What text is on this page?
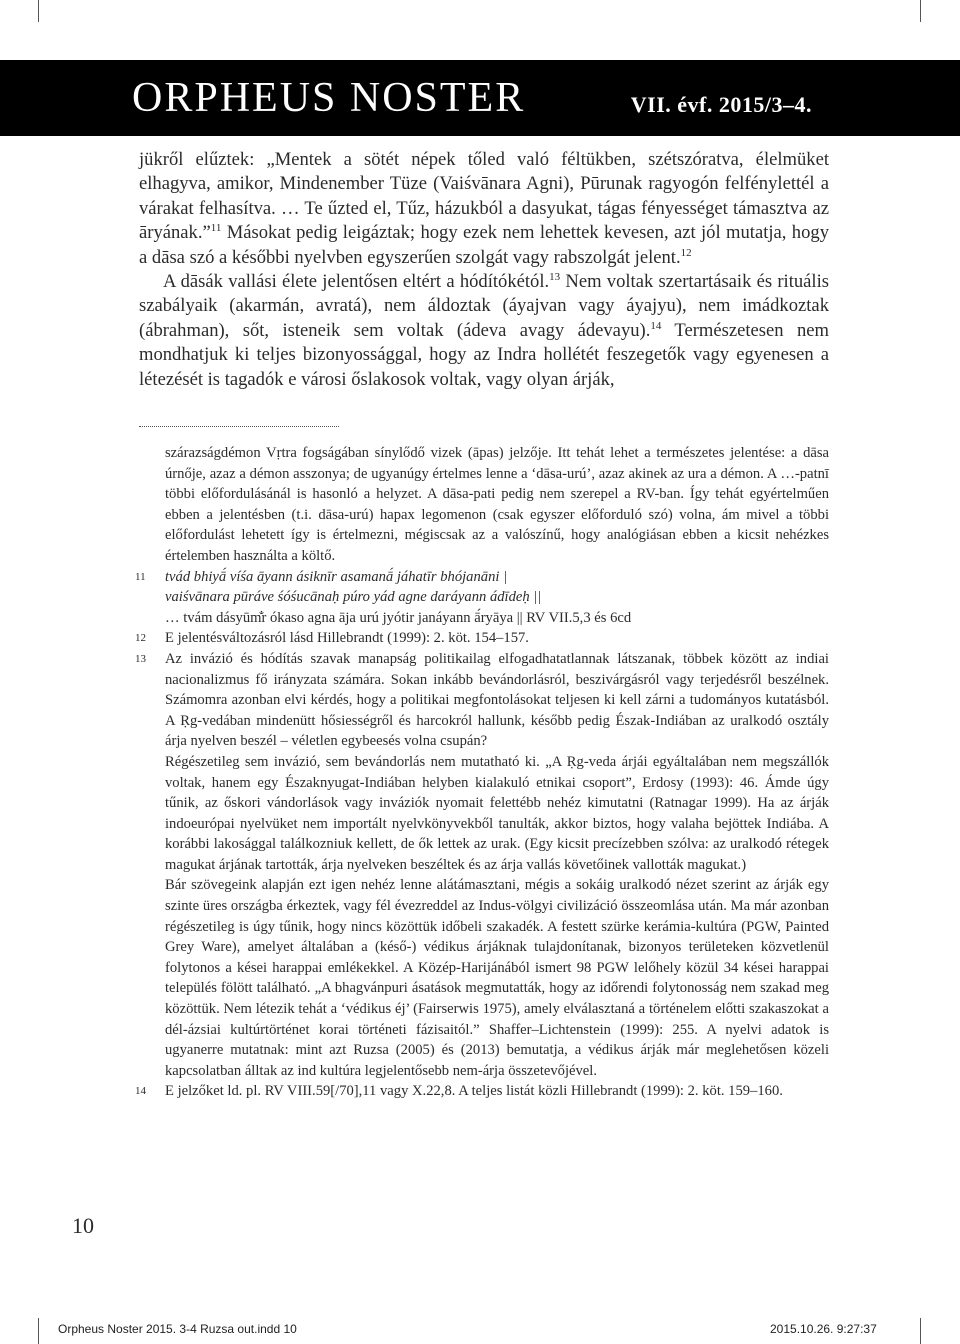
ORPHEUS NOSTER	VII. évf. 2015/3–4.

jükről elűztek: „Mentek a sötét népek tőled való féltükben, szétszóratva, élelmüket elhagyva, amikor, Mindenember Tüze (Vaiśvānara Agni), Pūrunak ragyogón felfénylettél a várakat felhasítva. … Te űzted el, Tűz, házukból a dasyukat, tágas fényességet támasztva az āryának.”$^{11}$ Másokat pedig leigáztak; hogy ezek nem lehettek kevesen, azt jól mutatja, hogy a dāsa szó a későbbi nyelvben egyszerűen szolgát vagy rabszolgát jelent.$^{12}$

A dāsák vallási élete jelentősen eltért a hódítókétól.$^{13}$ Nem voltak szertartásaik és rituális szabályaik (akarmán, avratá), nem áldoztak (áyajvan vagy áyajyu), nem imádkoztak (ábrahman), sőt, isteneik sem voltak (ádeva avagy ádevayu).$^{14}$ Természetesen nem mondhatjuk ki teljes bizonyossággal, hogy az Indra hollétét feszegetők vagy egyenesen a létezését is tagadók e városi őslakosok voltak, vagy olyan árják,

szárazságdémon Vṛtra fogságában sínylődő vizek (āpas) jelzője. Itt tehát lehet a természetes jelentése: a dāsa úrnője, azaz a démon asszonya; de ugyanúgy értelmes lenne a ‘dāsa-urú’, azaz akinek az ura a démon. A …-patnī többi előfordulásánál is hasonló a helyzet. A dāsa-pati pedig nem szerepel a RV-ban. Így tehát egyértelműen ebben a jelentésben (t.i. dāsa-urú) hapax legomenon (csak egyszer előforduló szó) volna, ám mivel a többi előfordulást lehetett így is értelmezni, mégiscsak az a valószínű, hogy analógiásan ebben a kicsit nehézkes értelemben használta a költő.

11 tvád bhiyā́ víśa āyann ásiknīr asamanā́ jáhatīr bhójanāni |

vaiśvānara pūráve śóśucānaḥ púro yád agne daráyann ádīdeḥ ||

… tvám dásyūm̐r ókaso agna āja urú jyótir janáyann ā́ryāya || RV VII.5,3 és 6cd

12 E jelentésváltozásról lásd Hillebrandt (1999): 2. köt. 154–157.

13 Az invázió és hódítás szavak manapság politikailag elfogadhatatlannak látszanak, többek között az indiai nacionalizmus fő irányzata számára. Sokan inkább bevándorlásról, beszivárgásról vagy terjedésről beszélnek. Számomra azonban elvi kérdés, hogy a politikai megfontolásokat teljesen ki kell zárni a tudományos kutatásból. A Ṛg-vedában mindenütt hősiességről és harcokról hallunk, később pedig Észak-Indiában az uralkodó osztály árja nyelven beszél – véletlen egybeesés volna csupán?

Régészetileg sem invázió, sem bevándorlás nem mutatható ki. „A Ṛg-veda árjái egyáltalában nem megszállók voltak, hanem egy Északnyugat-Indiában helyben kialakuló etnikai csoport”, Erdosy (1993): 46. Ámde úgy tűnik, az őskori vándorlások vagy inváziók nyomait felettébb nehéz kimutatni (Ratnagar 1999). Ha az árják indoeurópai nyelvüket nem importált nyelvkönyvekből tanulták, akkor biztos, hogy valaha bejöttek Indiába. A korábbi lakosággal találkozniuk kellett, de ők lettek az urak. (Egy kicsit precízebben szólva: az uralkodó rétegek magukat árjának tartották, árja nyelveken beszéltek és az árja vallás követőinek vallották magukat.)

Bár szövegeink alapján ezt igen nehéz lenne alátámasztani, mégis a sokáig uralkodó nézet szerint az árják egy szinte üres országba érkeztek, vagy fél évezreddel az Indus-völgyi civilizáció összeomlása után. Ma már azonban régészetileg is úgy tűnik, hogy nincs közöttük időbeli szakadék. A festett szürke kerámia-kultúra (PGW, Painted Grey Ware), amelyet általában a (késő-) védikus árjáknak tulajdonítanak, bizonyos területeken közvetlenül folytonos a kései harappai emlékekkel. A Közép-Harijánából ismert 98 PGW lelőhely közül 34 kései harappai település fölött található. „A bhagvánpuri ásatások megmutatták, hogy az időrendi folytonosság nem szakad meg közöttük. Nem létezik tehát a ‘védikus éj’ (Fairserwis 1975), amely elválasztaná a történelem előtti szakaszokat a dél-ázsiai kultúrtörténet korai történeti fázisaitól.” Shaffer–Lichtenstein (1999): 255. A nyelvi adatok is ugyanerre mutatnak: mint azt Ruzsa (2005) és (2013) bemutatja, a védikus árják már meglehetősen közeli kapcsolatban álltak az ind kultúra legjelentősebb nem-árja összetevőjével.

14 E jelzőket ld. pl. RV VIII.59[/70],11 vagy X.22,8. A teljes listát közli Hillebrandt (1999): 2. köt. 159–160.

10
Orpheus Noster 2015. 3-4 Ruzsa out.indd 10	2015.10.26. 9:27:37
